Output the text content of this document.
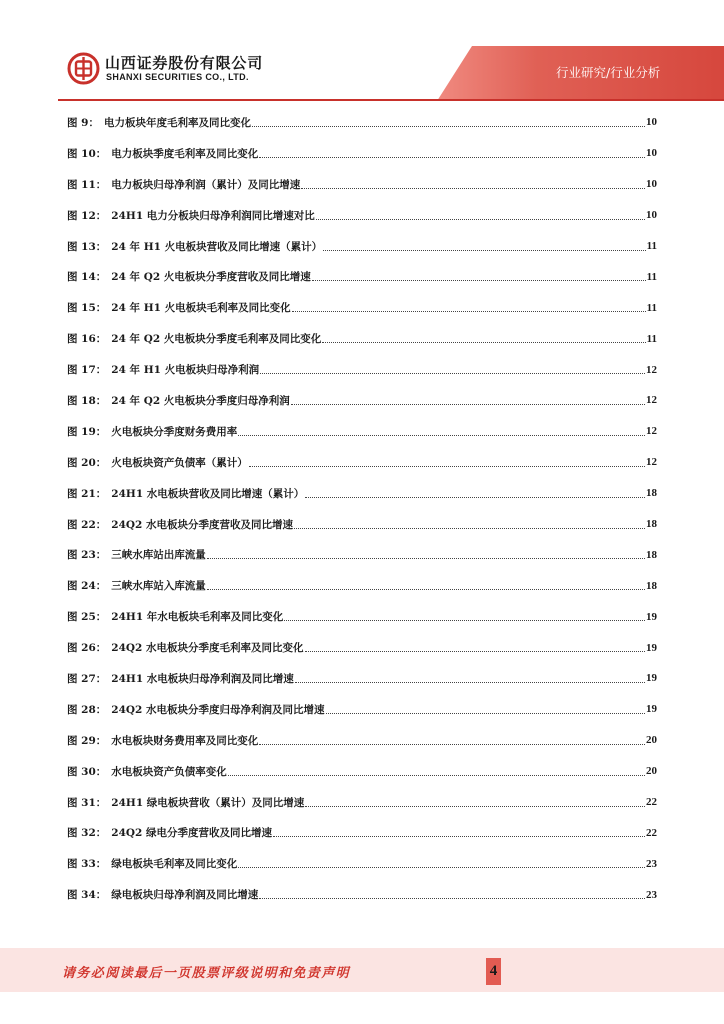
山西证券股份有限公司
SHANXI SECURITIES CO., LTD.	行业研究/行业分析
图 9： 电力板块年度毛利率及同比变化	10
图 10： 电力板块季度毛利率及同比变化	10
图 11： 电力板块归母净利润（累计）及同比增速	10
图 12： 24H1 电力分板块归母净利润同比增速对比	10
图 13： 24 年 H1 火电板块营收及同比增速（累计）	11
图 14： 24 年 Q2 火电板块分季度营收及同比增速	11
图 15： 24 年 H1 火电板块毛利率及同比变化	11
图 16： 24 年 Q2 火电板块分季度毛利率及同比变化	11
图 17： 24 年 H1 火电板块归母净利润	12
图 18： 24 年 Q2 火电板块分季度归母净利润	12
图 19： 火电板块分季度财务费用率	12
图 20： 火电板块资产负债率（累计）	12
图 21： 24H1 水电板块营收及同比增速（累计）	18
图 22： 24Q2 水电板块分季度营收及同比增速	18
图 23： 三峡水库站出库流量	18
图 24： 三峡水库站入库流量	18
图 25： 24H1 年水电板块毛利率及同比变化	19
图 26： 24Q2 水电板块分季度毛利率及同比变化	19
图 27： 24H1 水电板块归母净利润及同比增速	19
图 28： 24Q2 水电板块分季度归母净利润及同比增速	19
图 29： 水电板块财务费用率及同比变化	20
图 30： 水电板块资产负债率变化	20
图 31： 24H1 绿电板块营收（累计）及同比增速	22
图 32： 24Q2 绿电分季度营收及同比增速	22
图 33： 绿电板块毛利率及同比变化	23
图 34： 绿电板块归母净利润及同比增速	23
请务必阅读最后一页股票评级说明和免责声明	4
